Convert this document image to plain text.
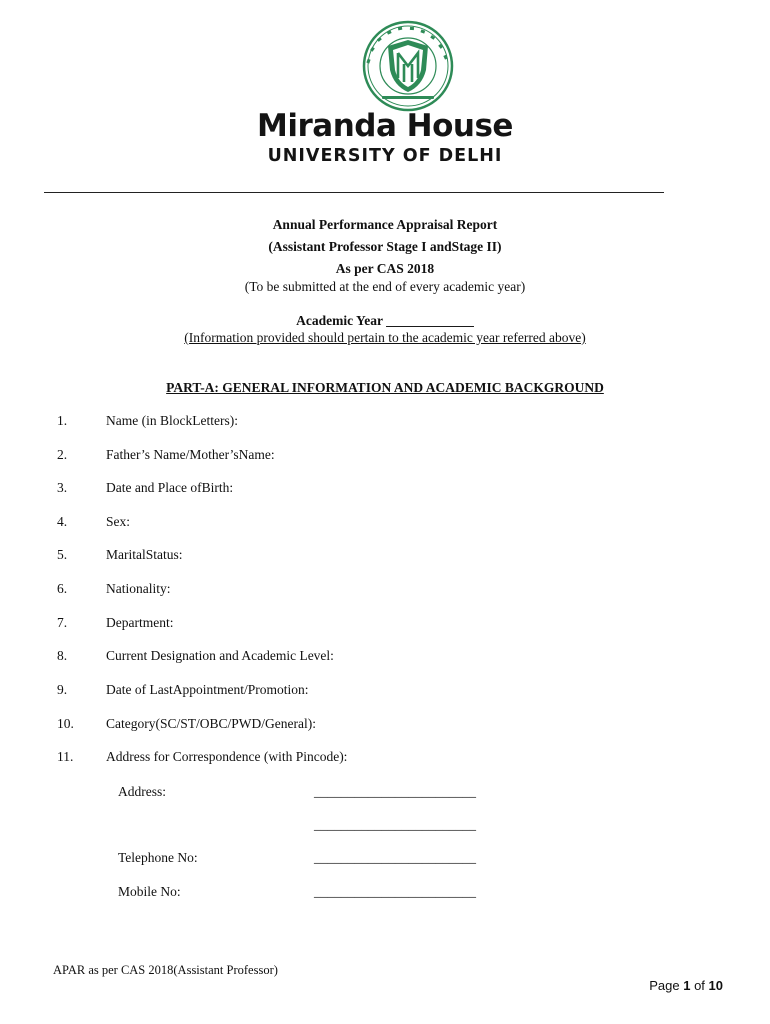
Miranda House
UNIVERSITY OF DELHI
Annual Performance Appraisal Report
(Assistant Professor Stage I andStage II)
As per CAS 2018
(To be submitted at the end of every academic year)
Academic Year _____________
(Information provided should pertain to the academic year referred above)
PART-A: GENERAL INFORMATION AND ACADEMIC BACKGROUND
1.	Name (in BlockLetters):
2.	Father’s Name/Mother’sName:
3.	Date and Place ofBirth:
4.	Sex:
5.	MaritalStatus:
6.	Nationality:
7.	Department:
8.	Current Designation and Academic Level:
9.	Date of LastAppointment/Promotion:
10. Category(SC/ST/OBC/PWD/General):
11. Address for Correspondence (with Pincode):
Address:	________________________
________________________
Telephone No:	________________________
Mobile No:	________________________
APAR as per CAS 2018(Assistant Professor)
Page 1 of 10
